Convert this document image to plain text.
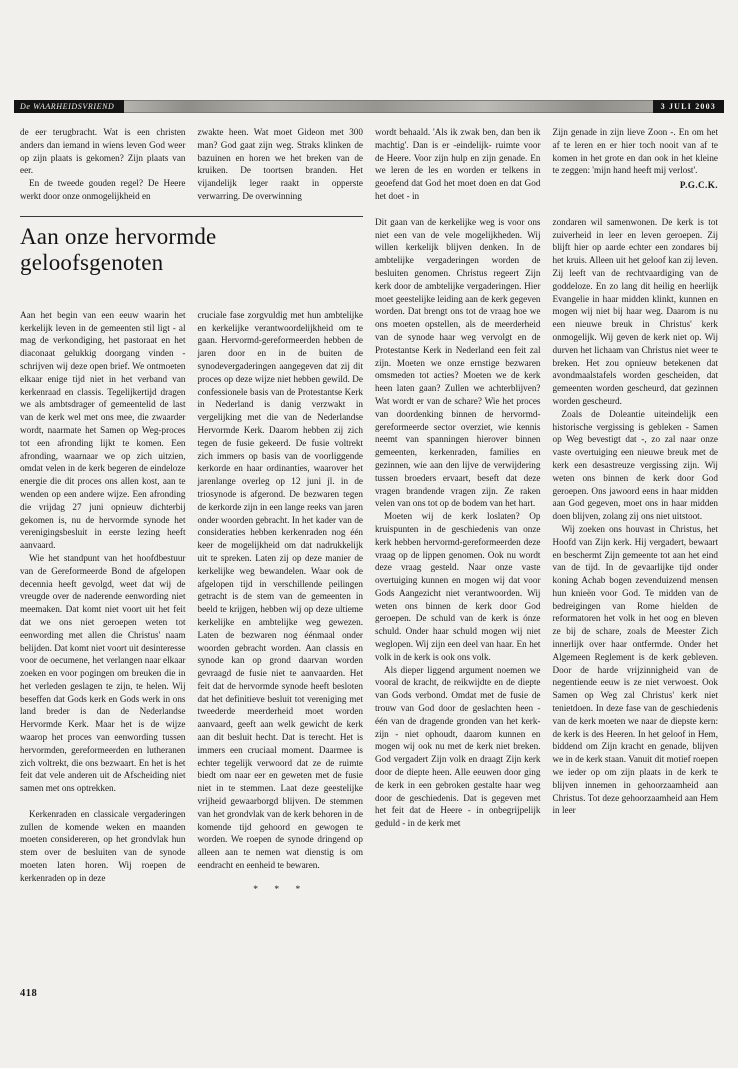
De WAARHEIDSVRIEND	3 JULI 2003

de eer terugbracht. Wat is een christen anders dan iemand in wiens leven God weer op zijn plaats is gekomen? Zijn plaats van eer.

En de tweede gouden regel? De Heere werkt door onze onmogelijkheid en

zwakte heen. Wat moet Gideon met 300 man? God gaat zijn weg. Straks klinken de bazuinen en horen we het breken van de kruiken. De toortsen branden. Het vijandelijk leger raakt in opperste verwarring. De overwinning

wordt behaald. 'Als ik zwak ben, dan ben ik machtig'. Dan is er -eindelijk- ruimte voor de Heere. Voor zijn hulp en zijn genade. En we leren de les en worden er telkens in geoefend dat God het moet doen en dat God het doet - in

Zijn genade in zijn lieve Zoon -. En om het af te leren en er hier toch nooit van af te komen in het grote en dan ook in het kleine te zeggen: 'mijn hand heeft mij verlost'.

P.G.C.K.
Aan onze hervormde geloofsgenoten

Aan het begin van een eeuw waarin het kerkelijk leven in de gemeenten stil ligt - al mag de verkondiging, het pastoraat en het diaconaat gelukkig doorgang vinden - schrijven wij deze open brief. We ontmoeten elkaar enige tijd niet in het verband van kerkenraad en classis. Tegelijkertijd dragen we als ambtsdrager of gemeentelid de last van de kerk wel met ons mee, die zwaarder wordt, naarmate het Samen op Weg-proces tot een afronding lijkt te komen. Een afronding, waarnaar we op zich uitzien, omdat velen in de kerk begeren de eindeloze energie die dit proces ons allen kost, aan te wenden op een andere wijze. Een afronding die vrijdag 27 juni opnieuw dichterbij gekomen is, nu de hervormde synode het verenigingsbesluit in eerste lezing heeft aanvaard.

Wie het standpunt van het hoofdbestuur van de Gereformeerde Bond de afgelopen decennia heeft gevolgd, weet dat wij de vreugde over de naderende eenwording niet meemaken. Dat komt niet voort uit het feit dat we ons niet geroepen weten tot eenwording met allen die Christus' naam belijden. Dat komt niet voort uit desinteresse voor de oecumene, het verlangen naar elkaar zoeken en voor pogingen om breuken die in het verleden geslagen te zijn, te helen. Wij beseffen dat Gods kerk en Gods werk in ons land breder is dan de Nederlandse Hervormde Kerk. Maar het is de wijze waarop het proces van eenwording tussen hervormden, gereformeerden en lutheranen zich voltrekt, die ons bezwaart. En het is het feit dat vele anderen uit de Afscheiding niet samen met ons optrekken.

Kerkenraden en classicale vergaderingen zullen de komende weken en maanden moeten considereren, op het grondvlak hun stem over de besluiten van de synode moeten laten horen. Wij roepen de kerkenraden op in deze

cruciale fase zorgvuldig met hun ambtelijke en kerkelijke verantwoordelijkheid om te gaan. Hervormd-gereformeerden hebben de jaren door en in de buiten de synodevergaderingen aangegeven dat zij dit proces op deze wijze niet hebben gewild. De confessionele basis van de Protestantse Kerk in Nederland is danig verzwakt in vergelijking met die van de Nederlandse Hervormde Kerk. Daarom hebben zij zich tegen de fusie gekeerd. De fusie voltrekt zich immers op basis van de voorliggende kerkorde en haar ordinanties, waarover het jarenlange overleg op 12 juni jl. in de triosynode is afgerond. De bezwaren tegen de kerkorde zijn in een lange reeks van jaren onder woorden gebracht. In het kader van de consideraties hebben kerkenraden nog één keer de mogelijkheid om dat nadrukkelijk uit te spreken. Laten zij op deze manier de kerkelijke weg bewandelen. Waar ook de afgelopen tijd in verschillende peilingen getracht is de stem van de gemeenten in beeld te krijgen, hebben wij op deze ultieme kerkelijke en ambtelijke weg gewezen. Laten de bezwaren nog éénmaal onder woorden gebracht worden. Aan classis en synode kan op grond daarvan worden gevraagd de fusie niet te aanvaarden. Het feit dat de hervormde synode heeft besloten dat het definitieve besluit tot vereniging met tweederde meerderheid moet worden aanvaard, geeft aan welk gewicht de kerk aan dit besluit hecht. Dat is terecht. Het is immers een cruciaal moment. Daarmee is echter tegelijk verwoord dat ze de ruimte biedt om naar eer en geweten met de fusie niet in te stemmen. Laat deze geestelijke vrijheid gewaarborgd blijven. De stemmen van het grondvlak van de kerk behoren in de komende tijd gehoord en gewogen te worden. We roepen de synode dringend op alleen aan te nemen wat dienstig is om eendracht en eenheid te bewaren.

* * *

Dit gaan van de kerkelijke weg is voor ons niet een van de vele mogelijkheden. Wij willen kerkelijk blijven denken. In de ambtelijke vergaderingen worden de besluiten genomen. Christus regeert Zijn kerk door de ambtelijke vergaderingen. Hier moet geestelijke leiding aan de kerk gegeven worden. Dat brengt ons tot de vraag hoe we ons moeten opstellen, als de meerderheid van de synode haar weg vervolgt en de Protestantse Kerk in Nederland een feit zal zijn. Moeten we onze ernstige bezwaren omsmeden tot acties? Moeten we de kerk heen laten gaan? Zullen we achterblijven? Wat wordt er van de schare? Wie het proces van doordenking binnen de hervormd-gereformeerde sector overziet, wie kennis neemt van spanningen hierover binnen gemeenten, kerkenraden, families en gezinnen, wie aan den lijve de verwijdering tussen broeders ervaart, beseft dat deze vragen brandende vragen zijn. Ze raken velen van ons tot op de bodem van het hart.

Moeten wij de kerk loslaten? Op kruispunten in de geschiedenis van onze kerk hebben hervormd-gereformeerden deze vraag op de lippen genomen. Ook nu wordt deze vraag gesteld. Naar onze vaste overtuiging kunnen en mogen wij dat voor Gods Aangezicht niet verantwoorden. Wij weten ons binnen de kerk door God geroepen. De schuld van de kerk is ónze schuld. Onder haar schuld mogen wij niet weglopen. Wij zijn een deel van haar. En het volk in de kerk is ook ons volk.

Als dieper liggend argument noemen we vooral de kracht, de reikwijdte en de diepte van Gods verbond. Omdat met de fusie de trouw van God door de geslachten heen - één van de dragende gronden van het kerk-zijn - niet ophoudt, daarom kunnen en mogen wij ook nu met de kerk niet breken. God vergadert Zijn volk en draagt Zijn kerk door de diepte heen. Alle eeuwen door ging de kerk in een gebroken gestalte haar weg door de geschiedenis. Dat is gegeven met het feit dat de Heere - in onbegrijpelijk geduld - in de kerk met

zondaren wil samenwonen. De kerk is tot zuiverheid in leer en leven geroepen. Zij blijft hier op aarde echter een zondares bij het kruis. Alleen uit het geloof kan zij leven. Zij leeft van de rechtvaardiging van de goddeloze. En zo lang dit heilig en heerlijk Evangelie in haar midden klinkt, kunnen en mogen wij niet bij haar weg. Daarom is nu een nieuwe breuk in Christus' kerk onmogelijk. Wij geven de kerk niet op. Wij durven het lichaam van Christus niet weer te breken. Het zou opnieuw betekenen dat avondmaalstafels worden gescheiden, dat gemeenten worden gescheurd, dat gezinnen worden gescheurd.

Zoals de Doleantie uiteindelijk een historische vergissing is gebleken - Samen op Weg bevestigt dat -, zo zal naar onze vaste overtuiging een nieuwe breuk met de kerk een desastreuze vergissing zijn. Wij weten ons binnen de kerk door God geroepen. Ons jawoord eens in haar midden aan God gegeven, moet ons in haar midden doen blijven, zolang zij ons niet uitstoot.

Wij zoeken ons houvast in Christus, het Hoofd van Zijn kerk. Hij vergadert, bewaart en beschermt Zijn gemeente tot aan het eind van de tijd. In de gevaarlijke tijd onder koning Achab bogen zevenduizend mensen hun knieën voor God. Te midden van de bedreigingen van Rome hielden de reformatoren het volk in het oog en bleven ze bij de schare, zoals de Meester Zich innerlijk over haar ontfermde. Onder het Algemeen Reglement is de kerk gebleven. Door de harde vrijzinnigheid van de negentiende eeuw is ze niet verwoest. Ook Samen op Weg zal Christus' kerk niet tenietdoen. In deze fase van de geschiedenis van de kerk moeten we naar de diepste kern: de kerk is des Heeren. In het geloof in Hem, biddend om Zijn kracht en genade, blijven we in de kerk staan. Vanuit dit motief roepen we ieder op om zijn plaats in de kerk te blijven innemen in gehoorzaamheid aan Christus. Tot deze gehoorzaamheid aan Hem in leer

418
